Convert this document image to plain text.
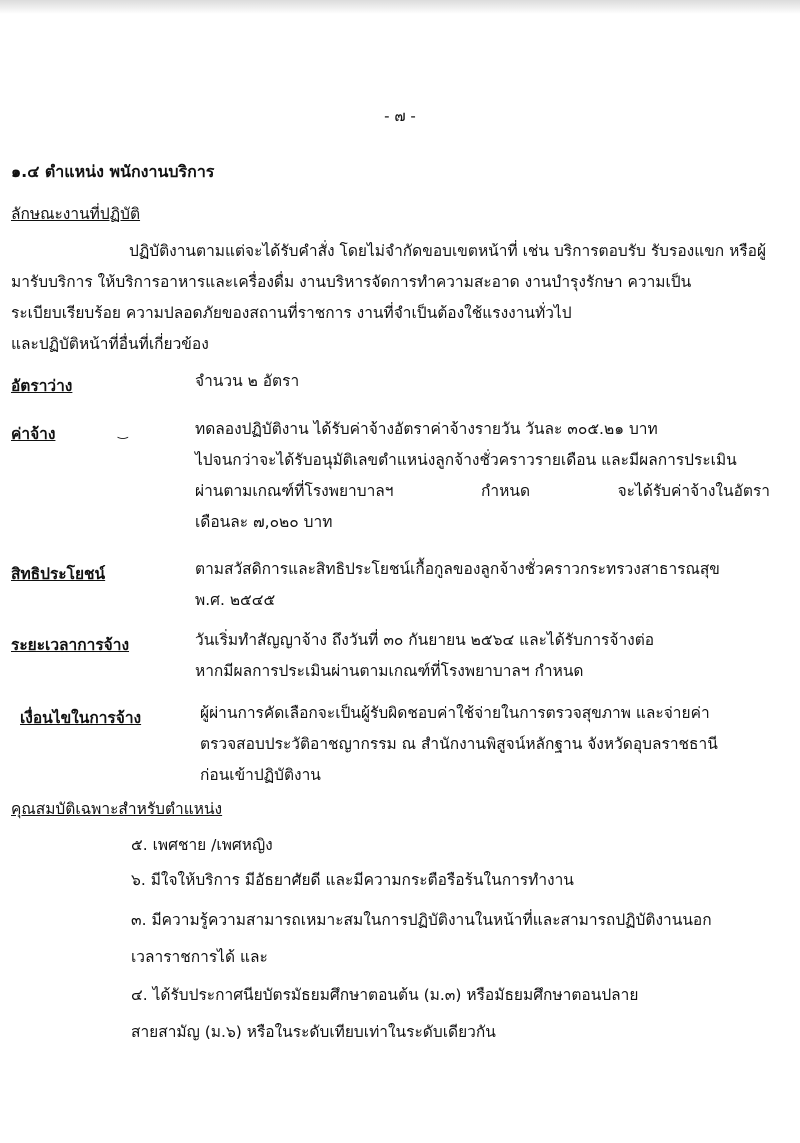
- ๗ -
๑.๔ ตำแหน่ง พนักงานบริการ
ลักษณะงานที่ปฏิบัติ
ปฏิบัติงานตามแต่จะได้รับคำสั่ง โดยไม่จำกัดขอบเขตหน้าที่ เช่น บริการตอบรับ รับรองแขก หรือผู้
มารับบริการ ให้บริการอาหารและเครื่องดื่ม งานบริหารจัดการทำความสะอาด งานบำรุงรักษา ความเป็น
ระเบียบเรียบร้อย ความปลอดภัยของสถานที่ราชการ งานที่จำเป็นต้องใช้แรงงานทั่วไป
และปฏิบัติหน้าที่อื่นที่เกี่ยวข้อง
อัตราว่าง	จำนวน ๒ อัตรา
ค่าจ้าง	‿	ทดลองปฏิบัติงาน ได้รับค่าจ้างอัตราค่าจ้างรายวัน วันละ ๓๐๕.๒๑ บาท
ไปจนกว่าจะได้รับอนุมัติเลขตำแหน่งลูกจ้างชั่วคราวรายเดือน และมีผลการประเมิน
ผ่านตามเกณฑ์ที่โรงพยาบาลฯ กำหนด จะได้รับค่าจ้างในอัตรา
เดือนละ ๗,๐๒๐ บาท
สิทธิประโยชน์	ตามสวัสดิการและสิทธิประโยชน์เกื้อกูลของลูกจ้างชั่วคราวกระทรวงสาธารณสุข
พ.ศ. ๒๕๔๕
ระยะเวลาการจ้าง	วันเริ่มทำสัญญาจ้าง ถึงวันที่ ๓๐ กันยายน ๒๕๖๔ และได้รับการจ้างต่อ
หากมีผลการประเมินผ่านตามเกณฑ์ที่โรงพยาบาลฯ กำหนด
เงื่อนไขในการจ้าง	ผู้ผ่านการคัดเลือกจะเป็นผู้รับผิดชอบค่าใช้จ่ายในการตรวจสุขภาพ และจ่ายค่า
ตรวจสอบประวัติอาชญากรรม ณ สำนักงานพิสูจน์หลักฐาน จังหวัดอุบลราชธานี
ก่อนเข้าปฏิบัติงาน
คุณสมบัติเฉพาะสำหรับตำแหน่ง
๕. เพศชาย /เพศหญิง
๖. มีใจให้บริการ มีอัธยาศัยดี และมีความกระตือรือร้นในการทำงาน
๓. มีความรู้ความสามารถเหมาะสมในการปฏิบัติงานในหน้าที่และสามารถปฏิบัติงานนอก
เวลาราชการได้ และ
๔. ได้รับประกาศนียบัตรมัธยมศึกษาตอนต้น (ม.๓) หรือมัธยมศึกษาตอนปลาย
สายสามัญ (ม.๖) หรือในระดับเทียบเท่าในระดับเดียวกัน
